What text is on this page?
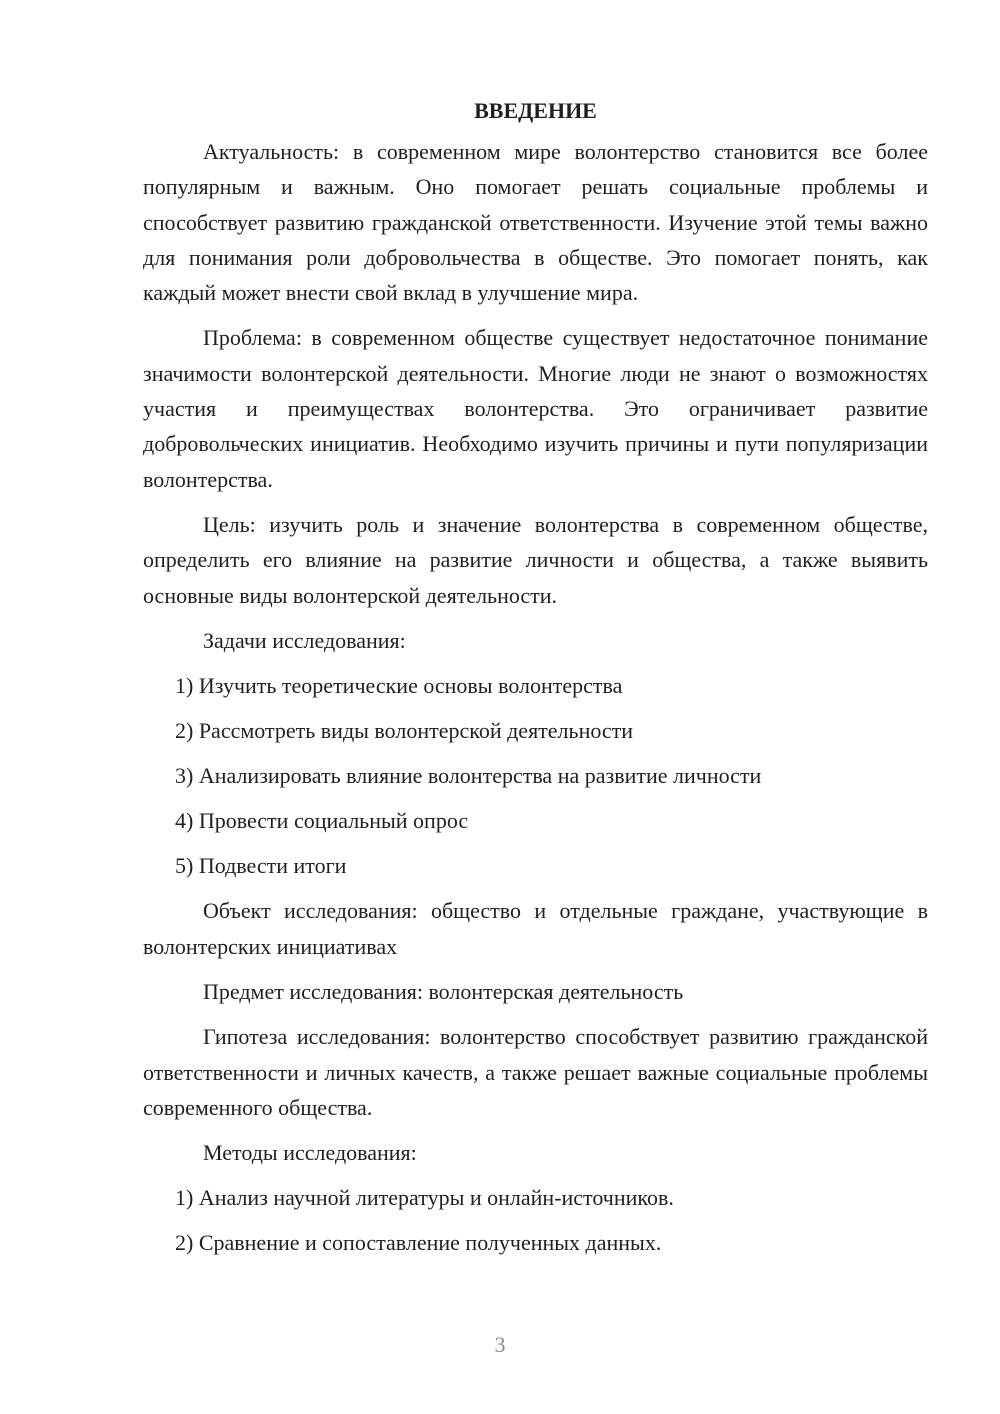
ВВЕДЕНИЕ

Актуальность: в современном мире волонтерство становится все более популярным и важным. Оно помогает решать социальные проблемы и способствует развитию гражданской ответственности. Изучение этой темы важно для понимания роли добровольчества в обществе. Это помогает понять, как каждый может внести свой вклад в улучшение мира.

Проблема: в современном обществе существует недостаточное понимание значимости волонтерской деятельности. Многие люди не знают о возможностях участия и преимуществах волонтерства. Это ограничивает развитие добровольческих инициатив. Необходимо изучить причины и пути популяризации волонтерства.

Цель: изучить роль и значение волонтерства в современном обществе, определить его влияние на развитие личности и общества, а также выявить основные виды волонтерской деятельности.

Задачи исследования:

1) Изучить теоретические основы волонтерства

2) Рассмотреть виды волонтерской деятельности

3) Анализировать влияние волонтерства на развитие личности

4) Провести социальный опрос

5) Подвести итоги

Объект исследования: общество и отдельные граждане, участвующие в волонтерских инициативах

Предмет исследования: волонтерская деятельность

Гипотеза исследования: волонтерство способствует развитию гражданской ответственности и личных качеств, а также решает важные социальные проблемы современного общества.

Методы исследования:

1) Анализ научной литературы и онлайн-источников.

2) Сравнение и сопоставление полученных данных.

3
